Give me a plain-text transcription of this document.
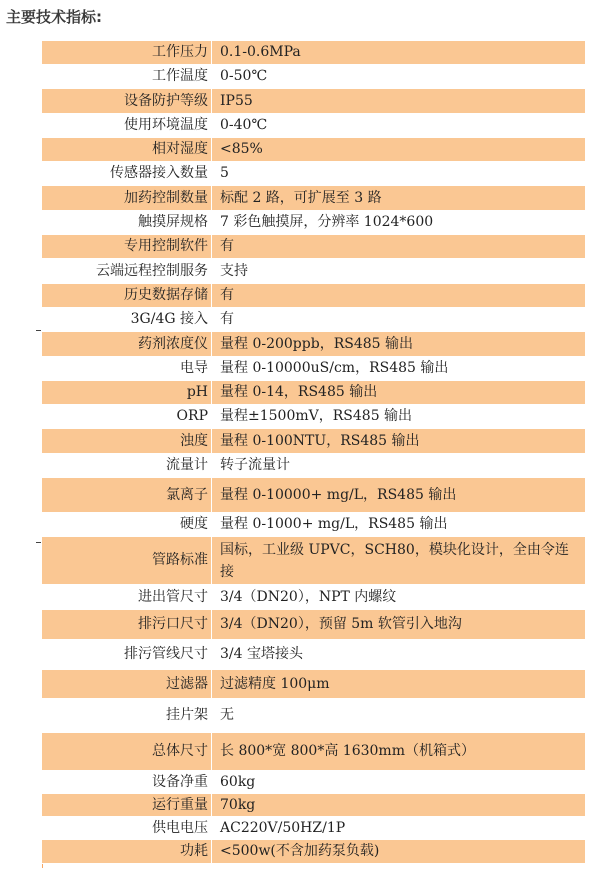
主要技术指标:
工作压力	0.1-0.6MPa
工作温度	0-50℃
设备防护等级	IP55
使用环境温度	0-40℃
相对湿度	<85%
传感器接入数量	5
加药控制数量	标配 2 路，可扩展至 3 路
触摸屏规格	7 彩色触摸屏，分辨率 1024*600
专用控制软件	有
云端远程控制服务	支持
历史数据存储	有
3G/4G 接入	有
药剂浓度仪	量程 0-200ppb，RS485 输出
电导	量程 0-10000uS/cm，RS485 输出
pH	量程 0-14，RS485 输出
ORP	量程±1500mV，RS485 输出
浊度	量程 0-100NTU，RS485 输出
流量计	转子流量计
氯离子	量程 0-10000+ mg/L，RS485 输出
硬度	量程 0-1000+ mg/L，RS485 输出
管路标准	国标，工业级 UPVC，SCH80，模块化设计，全由令连接
进出管尺寸	3/4（DN20），NPT 内螺纹
排污口尺寸	3/4（DN20），预留 5m 软管引入地沟
排污管线尺寸	3/4 宝塔接头
过滤器	过滤精度 100μm
挂片架	无
总体尺寸	长 800*宽 800*高 1630mm（机箱式）
设备净重	60kg
运行重量	70kg
供电电压	AC220V/50HZ/1P
功耗	<500w(不含加药泵负载)
